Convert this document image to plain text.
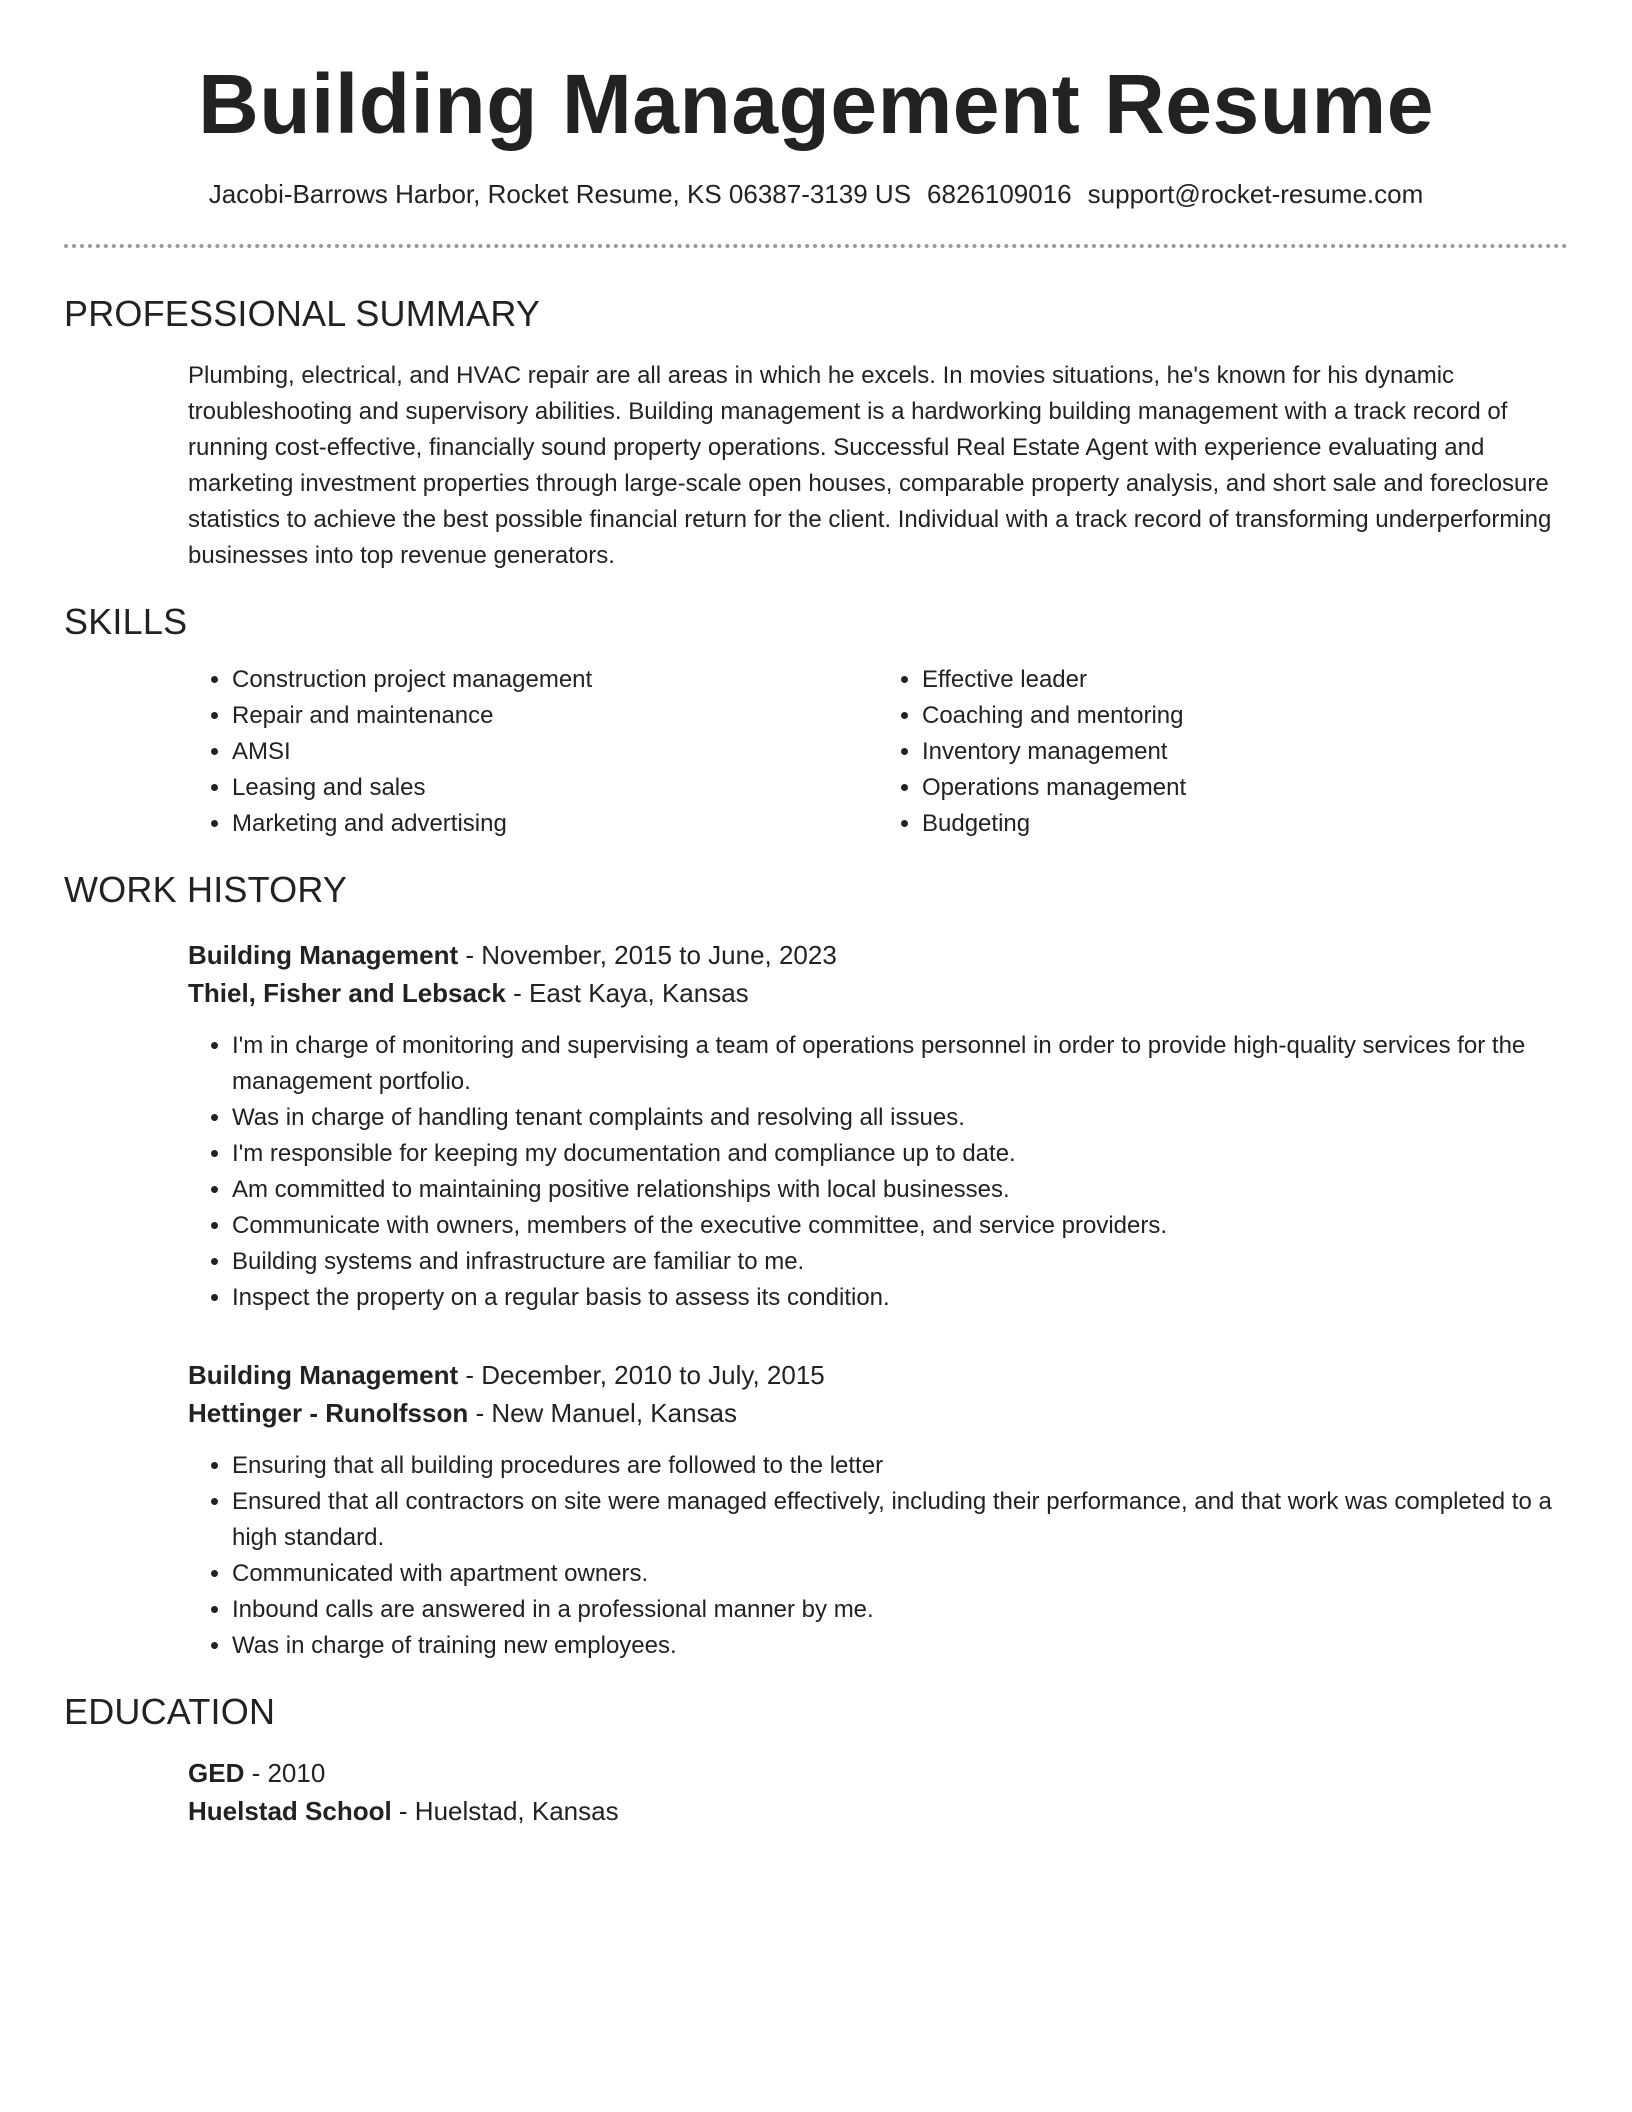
Building Management Resume
Jacobi-Barrows Harbor, Rocket Resume, KS 06387-3139 US 6826109016 support@rocket-resume.com
PROFESSIONAL SUMMARY

Plumbing, electrical, and HVAC repair are all areas in which he excels. In movies situations, he's known for his dynamic troubleshooting and supervisory abilities. Building management is a hardworking building management with a track record of running cost-effective, financially sound property operations. Successful Real Estate Agent with experience evaluating and marketing investment properties through large-scale open houses, comparable property analysis, and short sale and foreclosure statistics to achieve the best possible financial return for the client. Individual with a track record of transforming underperforming businesses into top revenue generators.

SKILLS
• Construction project management
• Repair and maintenance
• AMSI
• Leasing and sales
• Marketing and advertising
• Effective leader
• Coaching and mentoring
• Inventory management
• Operations management
• Budgeting
WORK HISTORY
Building Management - November, 2015 to June, 2023
Thiel, Fisher and Lebsack - East Kaya, Kansas
• I'm in charge of monitoring and supervising a team of operations personnel in order to provide high-quality services for the management portfolio.
• Was in charge of handling tenant complaints and resolving all issues.
• I'm responsible for keeping my documentation and compliance up to date.
• Am committed to maintaining positive relationships with local businesses.
• Communicate with owners, members of the executive committee, and service providers.
• Building systems and infrastructure are familiar to me.
• Inspect the property on a regular basis to assess its condition.
Building Management - December, 2010 to July, 2015
Hettinger - Runolfsson - New Manuel, Kansas
• Ensuring that all building procedures are followed to the letter
• Ensured that all contractors on site were managed effectively, including their performance, and that work was completed to a high standard.
• Communicated with apartment owners.
• Inbound calls are answered in a professional manner by me.
• Was in charge of training new employees.
EDUCATION
GED - 2010
Huelstad School - Huelstad, Kansas
